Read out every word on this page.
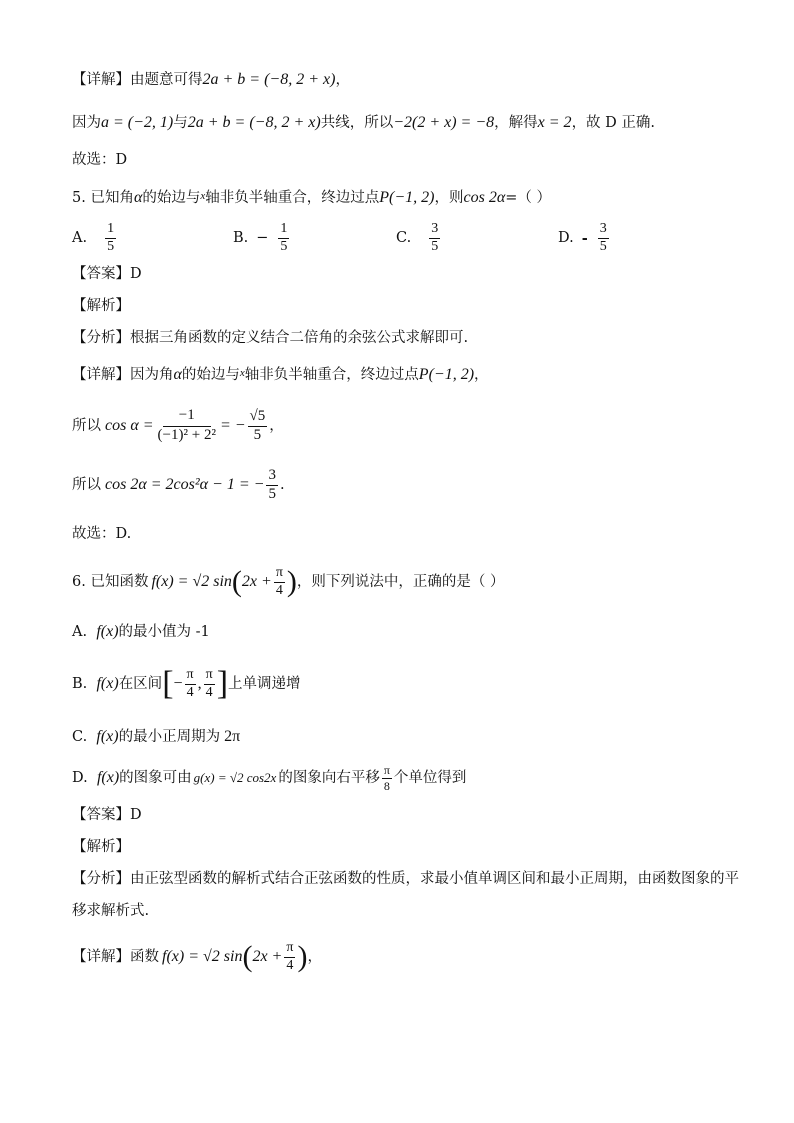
【详解】由题意可得2a + b = (−8, 2 + x)，
因为a = (−2, 1)与2a + b = (−8, 2 + x)共线，所以−2(2 + x) = −8，解得x = 2，故 D 正确.
故选：D
5. 已知角α的始边与$^x$轴非负半轴重合，终边过点P(−1, 2)，则cos 2α=（ ）
A. $\frac{1}{5}$	B. − $\frac{1}{5}$	C. $\frac{3}{5}$	D. - $\frac{3}{5}$
【答案】D
【解析】
【分析】根据三角函数的定义结合二倍角的余弦公式求解即可.
【详解】因为角α的始边与$^x$轴非负半轴重合，终边过点P(−1, 2)，
所以 $\cos \alpha = \frac{-1}{\text{(−1)² + 2²}}$ = − $\frac{√5}{5}$ ，
所以 cos 2α = 2cos²α − 1 = − $\frac{3}{5}$ .
故选：D.
6. 已知函数 f(x) = √2 sin ( $2x + \frac{\pi}{4}$ ) ，则下列说法中，正确的是（ ）
A. f(x)的最小值为 -1
B.
f(x) 在区间 [ − $\frac{\pi}{4}$ , $\frac{\pi}{4}$ ] 上单调递增
C. f(x)的最小正周期为 2π
D.
f(x) 的图象可由 g(x) = √2 cos2x 的图象向右平移 $\frac{\pi}{8}$ 个单位得到
【答案】D
【解析】
【分析】由正弦型函数的解析式结合正弦函数的性质，求最小值单调区间和最小正周期，由函数图象的平
移求解析式.
【详解】 函数 f(x) = √2 sin ( $2x + \frac{\pi}{4}$ ) ，
